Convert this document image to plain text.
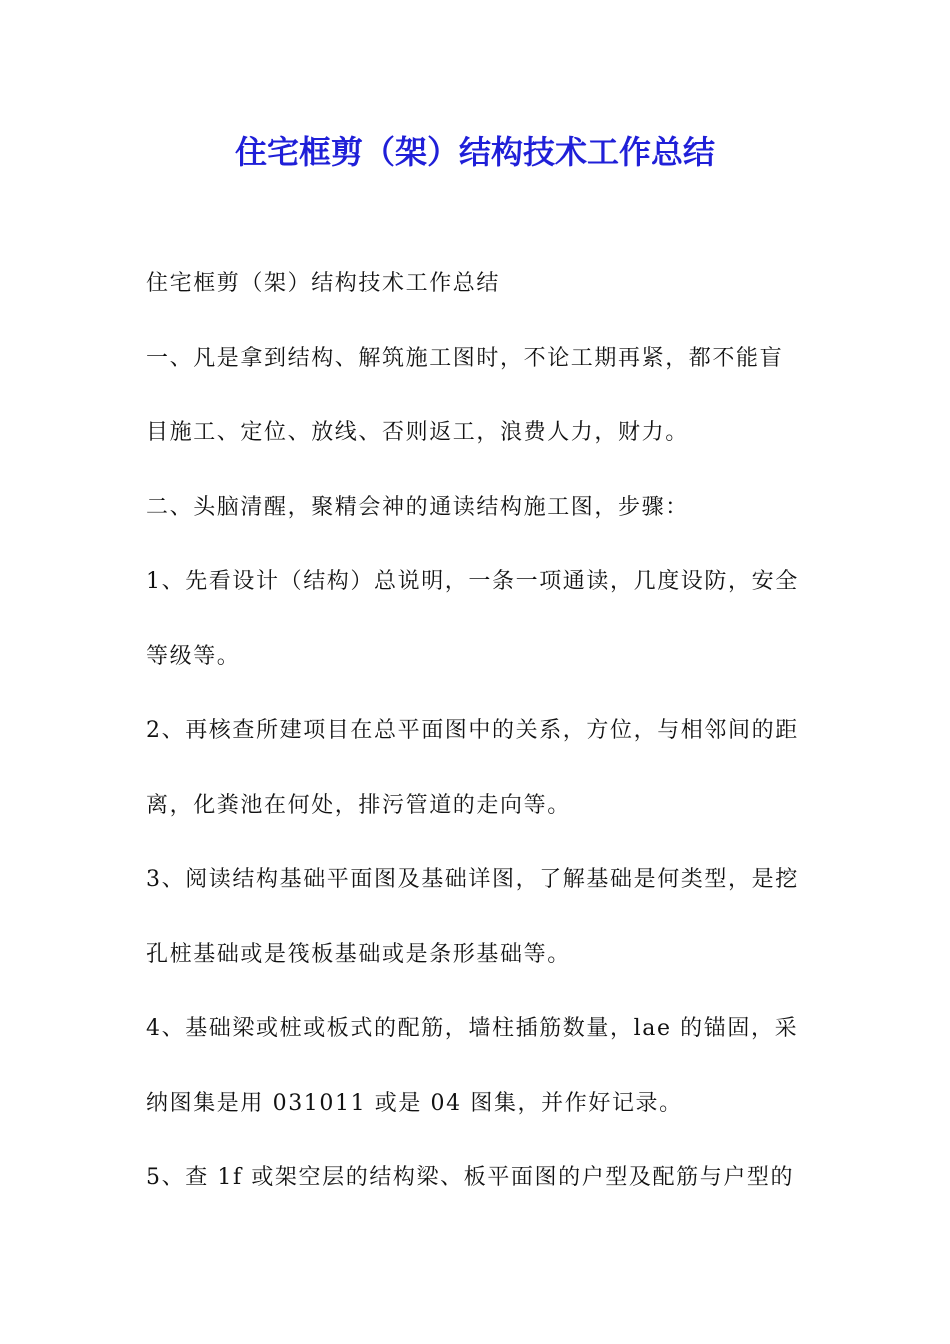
住宅框剪（架）结构技术工作总结

住宅框剪（架）结构技术工作总结

一、凡是拿到结构、解筑施工图时，不论工期再紧，都不能盲

目施工、定位、放线、否则返工，浪费人力，财力。

二、头脑清醒，聚精会神的通读结构施工图，步骤：

1、先看设计（结构）总说明，一条一项通读，几度设防，安全

等级等。

2、再核查所建项目在总平面图中的关系，方位，与相邻间的距

离，化粪池在何处，排污管道的走向等。

3、阅读结构基础平面图及基础详图，了解基础是何类型，是挖

孔桩基础或是筏板基础或是条形基础等。

4、基础梁或桩或板式的配筋，墙柱插筋数量，lae 的锚固，采

纳图集是用 031011 或是 04 图集，并作好记录。

5、查 1f 或架空层的结构梁、板平面图的户型及配筋与户型的
